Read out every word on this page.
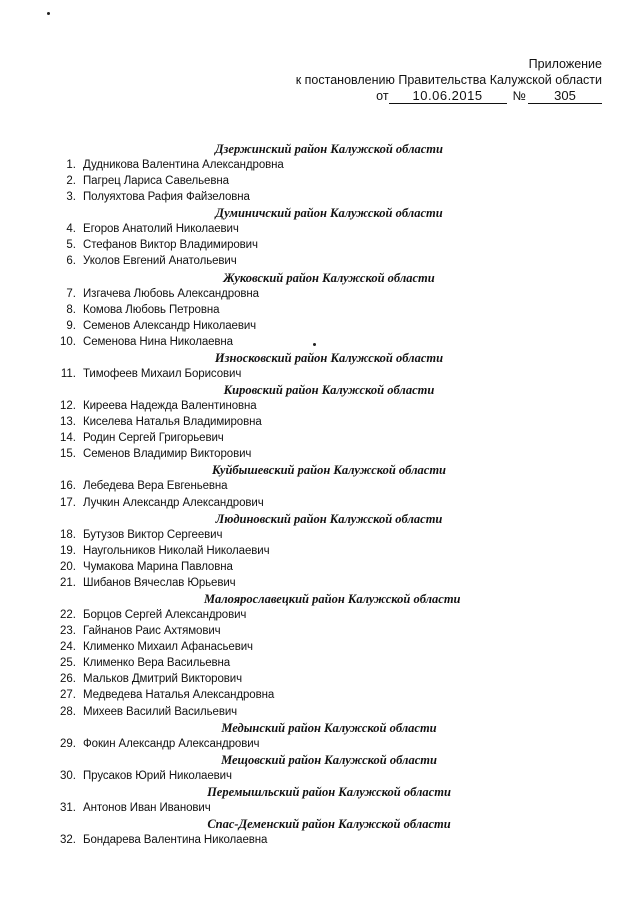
Приложение
к постановлению Правительства Калужской области
от	10.06.2015	№	305
Дзержинский район Калужской области
1. Дудникова Валентина Александровна
2. Пагрец Лариса Савельевна
3. Полуяхтова Рафия Файзеловна
Думиничский район Калужской области
4. Егоров Анатолий Николаевич
5. Стефанов Виктор Владимирович
6. Уколов Евгений Анатольевич
Жуковский район Калужской области
7. Изгачева Любовь Александровна
8. Комова Любовь Петровна
9. Семенов Александр Николаевич
10. Семенова Нина Николаевна
Износковский район Калужской области
11. Тимофеев Михаил Борисович
Кировский район Калужской области
12. Киреева Надежда Валентиновна
13. Киселева Наталья Владимировна
14. Родин Сергей Григорьевич
15. Семенов Владимир Викторович
Куйбышевский район Калужской области
16. Лебедева Вера Евгеньевна
17. Лучкин Александр Александрович
Людиновский район Калужской области
18. Бутузов Виктор Сергеевич
19. Наугольников Николай Николаевич
20. Чумакова Марина Павловна
21. Шибанов Вячеслав Юрьевич
Малоярославецкий район Калужской области
22. Борцов Сергей Александрович
23. Гайнанов Раис Ахтямович
24. Клименко Михаил Афанасьевич
25. Клименко Вера Васильевна
26. Мальков Дмитрий Викторович
27. Медведева Наталья Александровна
28. Михеев Василий Васильевич
Медынский район Калужской области
29. Фокин Александр Александрович
Мещовский район Калужской области
30. Прусаков Юрий Николаевич
Перемышльский район Калужской области
31. Антонов Иван Иванович
Спас-Деменский район Калужской области
32. Бондарева Валентина Николаевна
